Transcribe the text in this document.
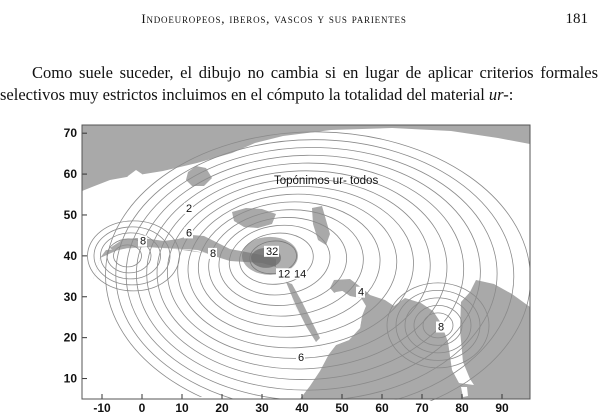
Indoeuropeos, iberos, vascos y sus parientes	181

Como suele suceder, el dibujo no cambia si en lugar de aplicar criterios formales selectivos muy estrictos incluimos en el cómputo la totalidad del material ur-:

2
6
8
8	32
12 14
4
6
8
Topónimos ur- todos
70
60
50
40
30
20
10
-10 0 10 20 30 40 50 60 70 80 90
